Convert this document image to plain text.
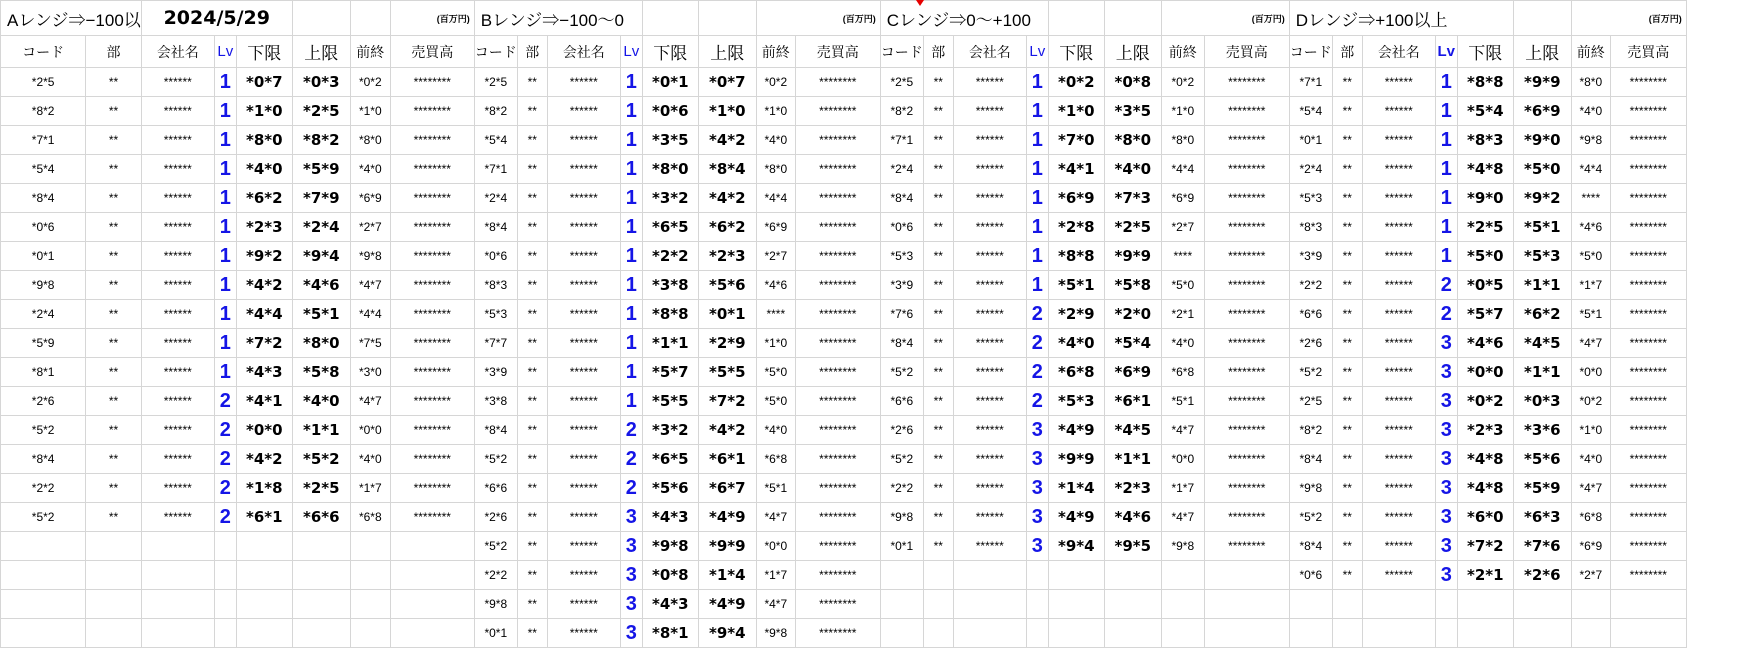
Aレンジ⇒−100以		2024/5/29					(百万円)	Bレンジ⇒−100〜0						(百万円)		Cレンジ⇒0〜+100						(百万円)		Dレンジ⇒+100以上						(百万円)	
コード	部	会社名	Lv	下限	上限	前終	売買高	コード	部	会社名	Lv	下限	上限	前終	売買高	コード	部	会社名	Lv	下限	上限	前終	売買高	コード	部	会社名	Lv	下限	上限	前終	売買高
*2*5	**	******	1	*0*7	*0*3	*0*2	********	*2*5	**	******	1	*0*1	*0*7	*0*2	********	*2*5	**	******	1	*0*2	*0*8	*0*2	********	*7*1	**	******	1	*8*8	*9*9	*8*0	********
*8*2	**	******	1	*1*0	*2*5	*1*0	********	*8*2	**	******	1	*0*6	*1*0	*1*0	********	*8*2	**	******	1	*1*0	*3*5	*1*0	********	*5*4	**	******	1	*5*4	*6*9	*4*0	********
*7*1	**	******	1	*8*0	*8*2	*8*0	********	*5*4	**	******	1	*3*5	*4*2	*4*0	********	*7*1	**	******	1	*7*0	*8*0	*8*0	********	*0*1	**	******	1	*8*3	*9*0	*9*8	********
*5*4	**	******	1	*4*0	*5*9	*4*0	********	*7*1	**	******	1	*8*0	*8*4	*8*0	********	*2*4	**	******	1	*4*1	*4*0	*4*4	********	*2*4	**	******	1	*4*8	*5*0	*4*4	********
*8*4	**	******	1	*6*2	*7*9	*6*9	********	*2*4	**	******	1	*3*2	*4*2	*4*4	********	*8*4	**	******	1	*6*9	*7*3	*6*9	********	*5*3	**	******	1	*9*0	*9*2	****	********
*0*6	**	******	1	*2*3	*2*4	*2*7	********	*8*4	**	******	1	*6*5	*6*2	*6*9	********	*0*6	**	******	1	*2*8	*2*5	*2*7	********	*8*3	**	******	1	*2*5	*5*1	*4*6	********
*0*1	**	******	1	*9*2	*9*4	*9*8	********	*0*6	**	******	1	*2*2	*2*3	*2*7	********	*5*3	**	******	1	*8*8	*9*9	****	********	*3*9	**	******	1	*5*0	*5*3	*5*0	********
*9*8	**	******	1	*4*2	*4*6	*4*7	********	*8*3	**	******	1	*3*8	*5*6	*4*6	********	*3*9	**	******	1	*5*1	*5*8	*5*0	********	*2*2	**	******	2	*0*5	*1*1	*1*7	********
*2*4	**	******	1	*4*4	*5*1	*4*4	********	*5*3	**	******	1	*8*8	*0*1	****	********	*7*6	**	******	2	*2*9	*2*0	*2*1	********	*6*6	**	******	2	*5*7	*6*2	*5*1	********
*5*9	**	******	1	*7*2	*8*0	*7*5	********	*7*7	**	******	1	*1*1	*2*9	*1*0	********	*8*4	**	******	2	*4*0	*5*4	*4*0	********	*2*6	**	******	3	*4*6	*4*5	*4*7	********
*8*1	**	******	1	*4*3	*5*8	*3*0	********	*3*9	**	******	1	*5*7	*5*5	*5*0	********	*5*2	**	******	2	*6*8	*6*9	*6*8	********	*5*2	**	******	3	*0*0	*1*1	*0*0	********
*2*6	**	******	2	*4*1	*4*0	*4*7	********	*3*8	**	******	1	*5*5	*7*2	*5*0	********	*6*6	**	******	2	*5*3	*6*1	*5*1	********	*2*5	**	******	3	*0*2	*0*3	*0*2	********
*5*2	**	******	2	*0*0	*1*1	*0*0	********	*8*4	**	******	2	*3*2	*4*2	*4*0	********	*2*6	**	******	3	*4*9	*4*5	*4*7	********	*8*2	**	******	3	*2*3	*3*6	*1*0	********
*8*4	**	******	2	*4*2	*5*2	*4*0	********	*5*2	**	******	2	*6*5	*6*1	*6*8	********	*5*2	**	******	3	*9*9	*1*1	*0*0	********	*8*4	**	******	3	*4*8	*5*6	*4*0	********
*2*2	**	******	2	*1*8	*2*5	*1*7	********	*6*6	**	******	2	*5*6	*6*7	*5*1	********	*2*2	**	******	3	*1*4	*2*3	*1*7	********	*9*8	**	******	3	*4*8	*5*9	*4*7	********
*5*2	**	******	2	*6*1	*6*6	*6*8	********	*2*6	**	******	3	*4*3	*4*9	*4*7	********	*9*8	**	******	3	*4*9	*4*6	*4*7	********	*5*2	**	******	3	*6*0	*6*3	*6*8	********
								*5*2	**	******	3	*9*8	*9*9	*0*0	********	*0*1	**	******	3	*9*4	*9*5	*9*8	********	*8*4	**	******	3	*7*2	*7*6	*6*9	********
								*2*2	**	******	3	*0*8	*1*4	*1*7	********									*0*6	**	******	3	*2*1	*2*6	*2*7	********
								*9*8	**	******	3	*4*3	*4*9	*4*7	********																
								*0*1	**	******	3	*8*1	*9*4	*9*8	********																
